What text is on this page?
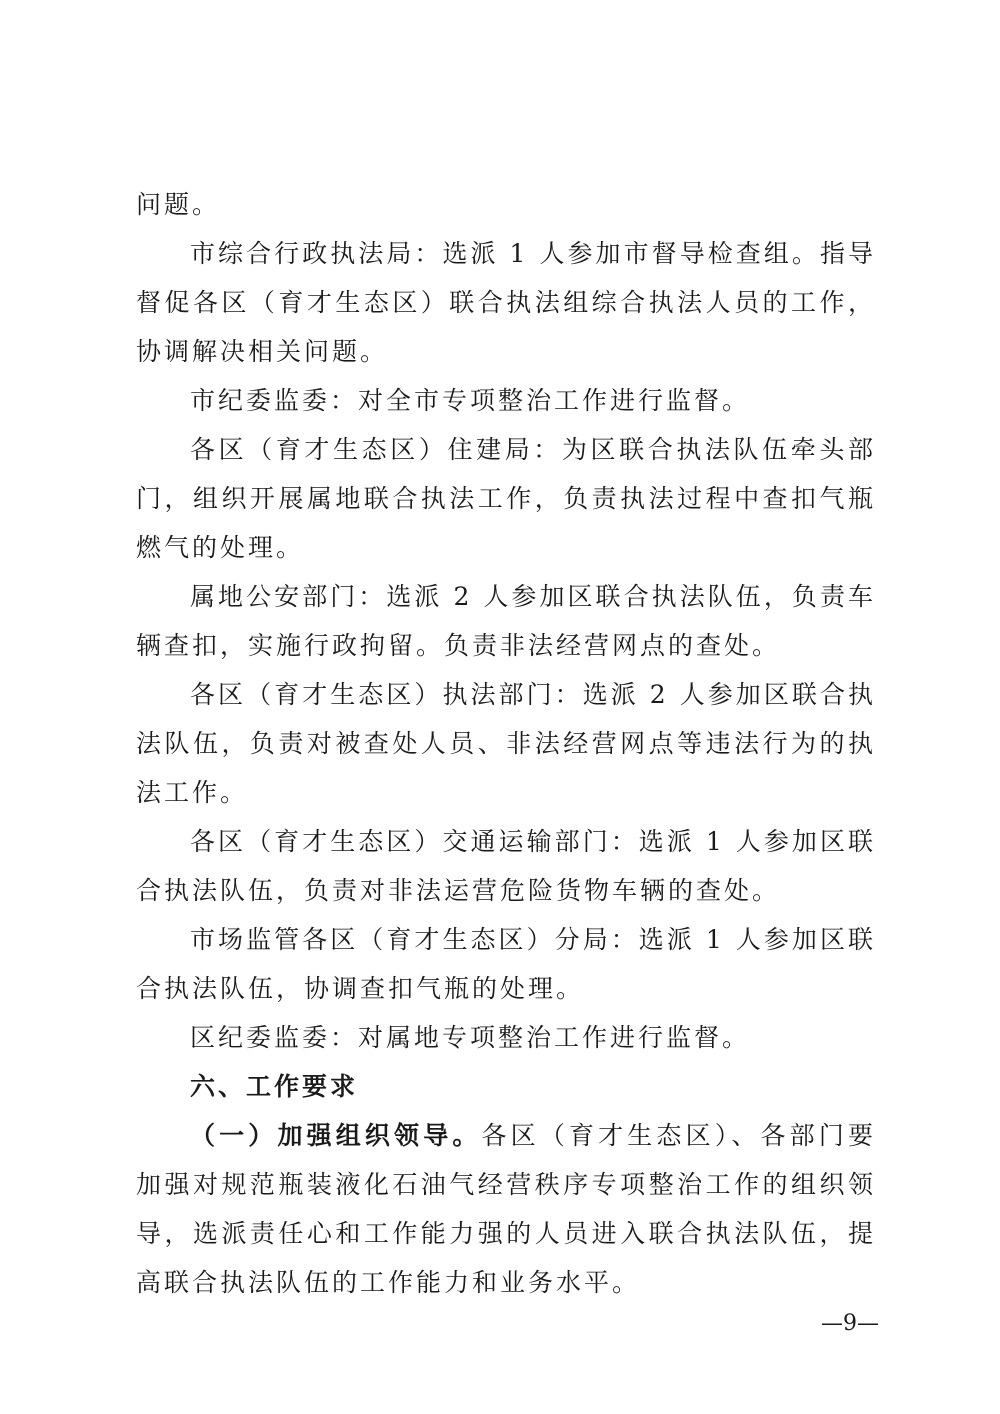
问题。

市综合行政执法局：选派 1 人参加市督导检查组。指导督促各区（育才生态区）联合执法组综合执法人员的工作，协调解决相关问题。

市纪委监委：对全市专项整治工作进行监督。

各区（育才生态区）住建局：为区联合执法队伍牵头部门，组织开展属地联合执法工作，负责执法过程中查扣气瓶燃气的处理。

属地公安部门：选派 2 人参加区联合执法队伍，负责车辆查扣，实施行政拘留。负责非法经营网点的查处。

各区（育才生态区）执法部门：选派 2 人参加区联合执法队伍，负责对被查处人员、非法经营网点等违法行为的执法工作。

各区（育才生态区）交通运输部门：选派 1 人参加区联合执法队伍，负责对非法运营危险货物车辆的查处。

市场监管各区（育才生态区）分局：选派 1 人参加区联合执法队伍，协调查扣气瓶的处理。

区纪委监委：对属地专项整治工作进行监督。

六、工作要求

（一）加强组织领导。各区（育才生态区）、各部门要加强对规范瓶装液化石油气经营秩序专项整治工作的组织领导，选派责任心和工作能力强的人员进入联合执法队伍，提高联合执法队伍的工作能力和业务水平。

—9—
